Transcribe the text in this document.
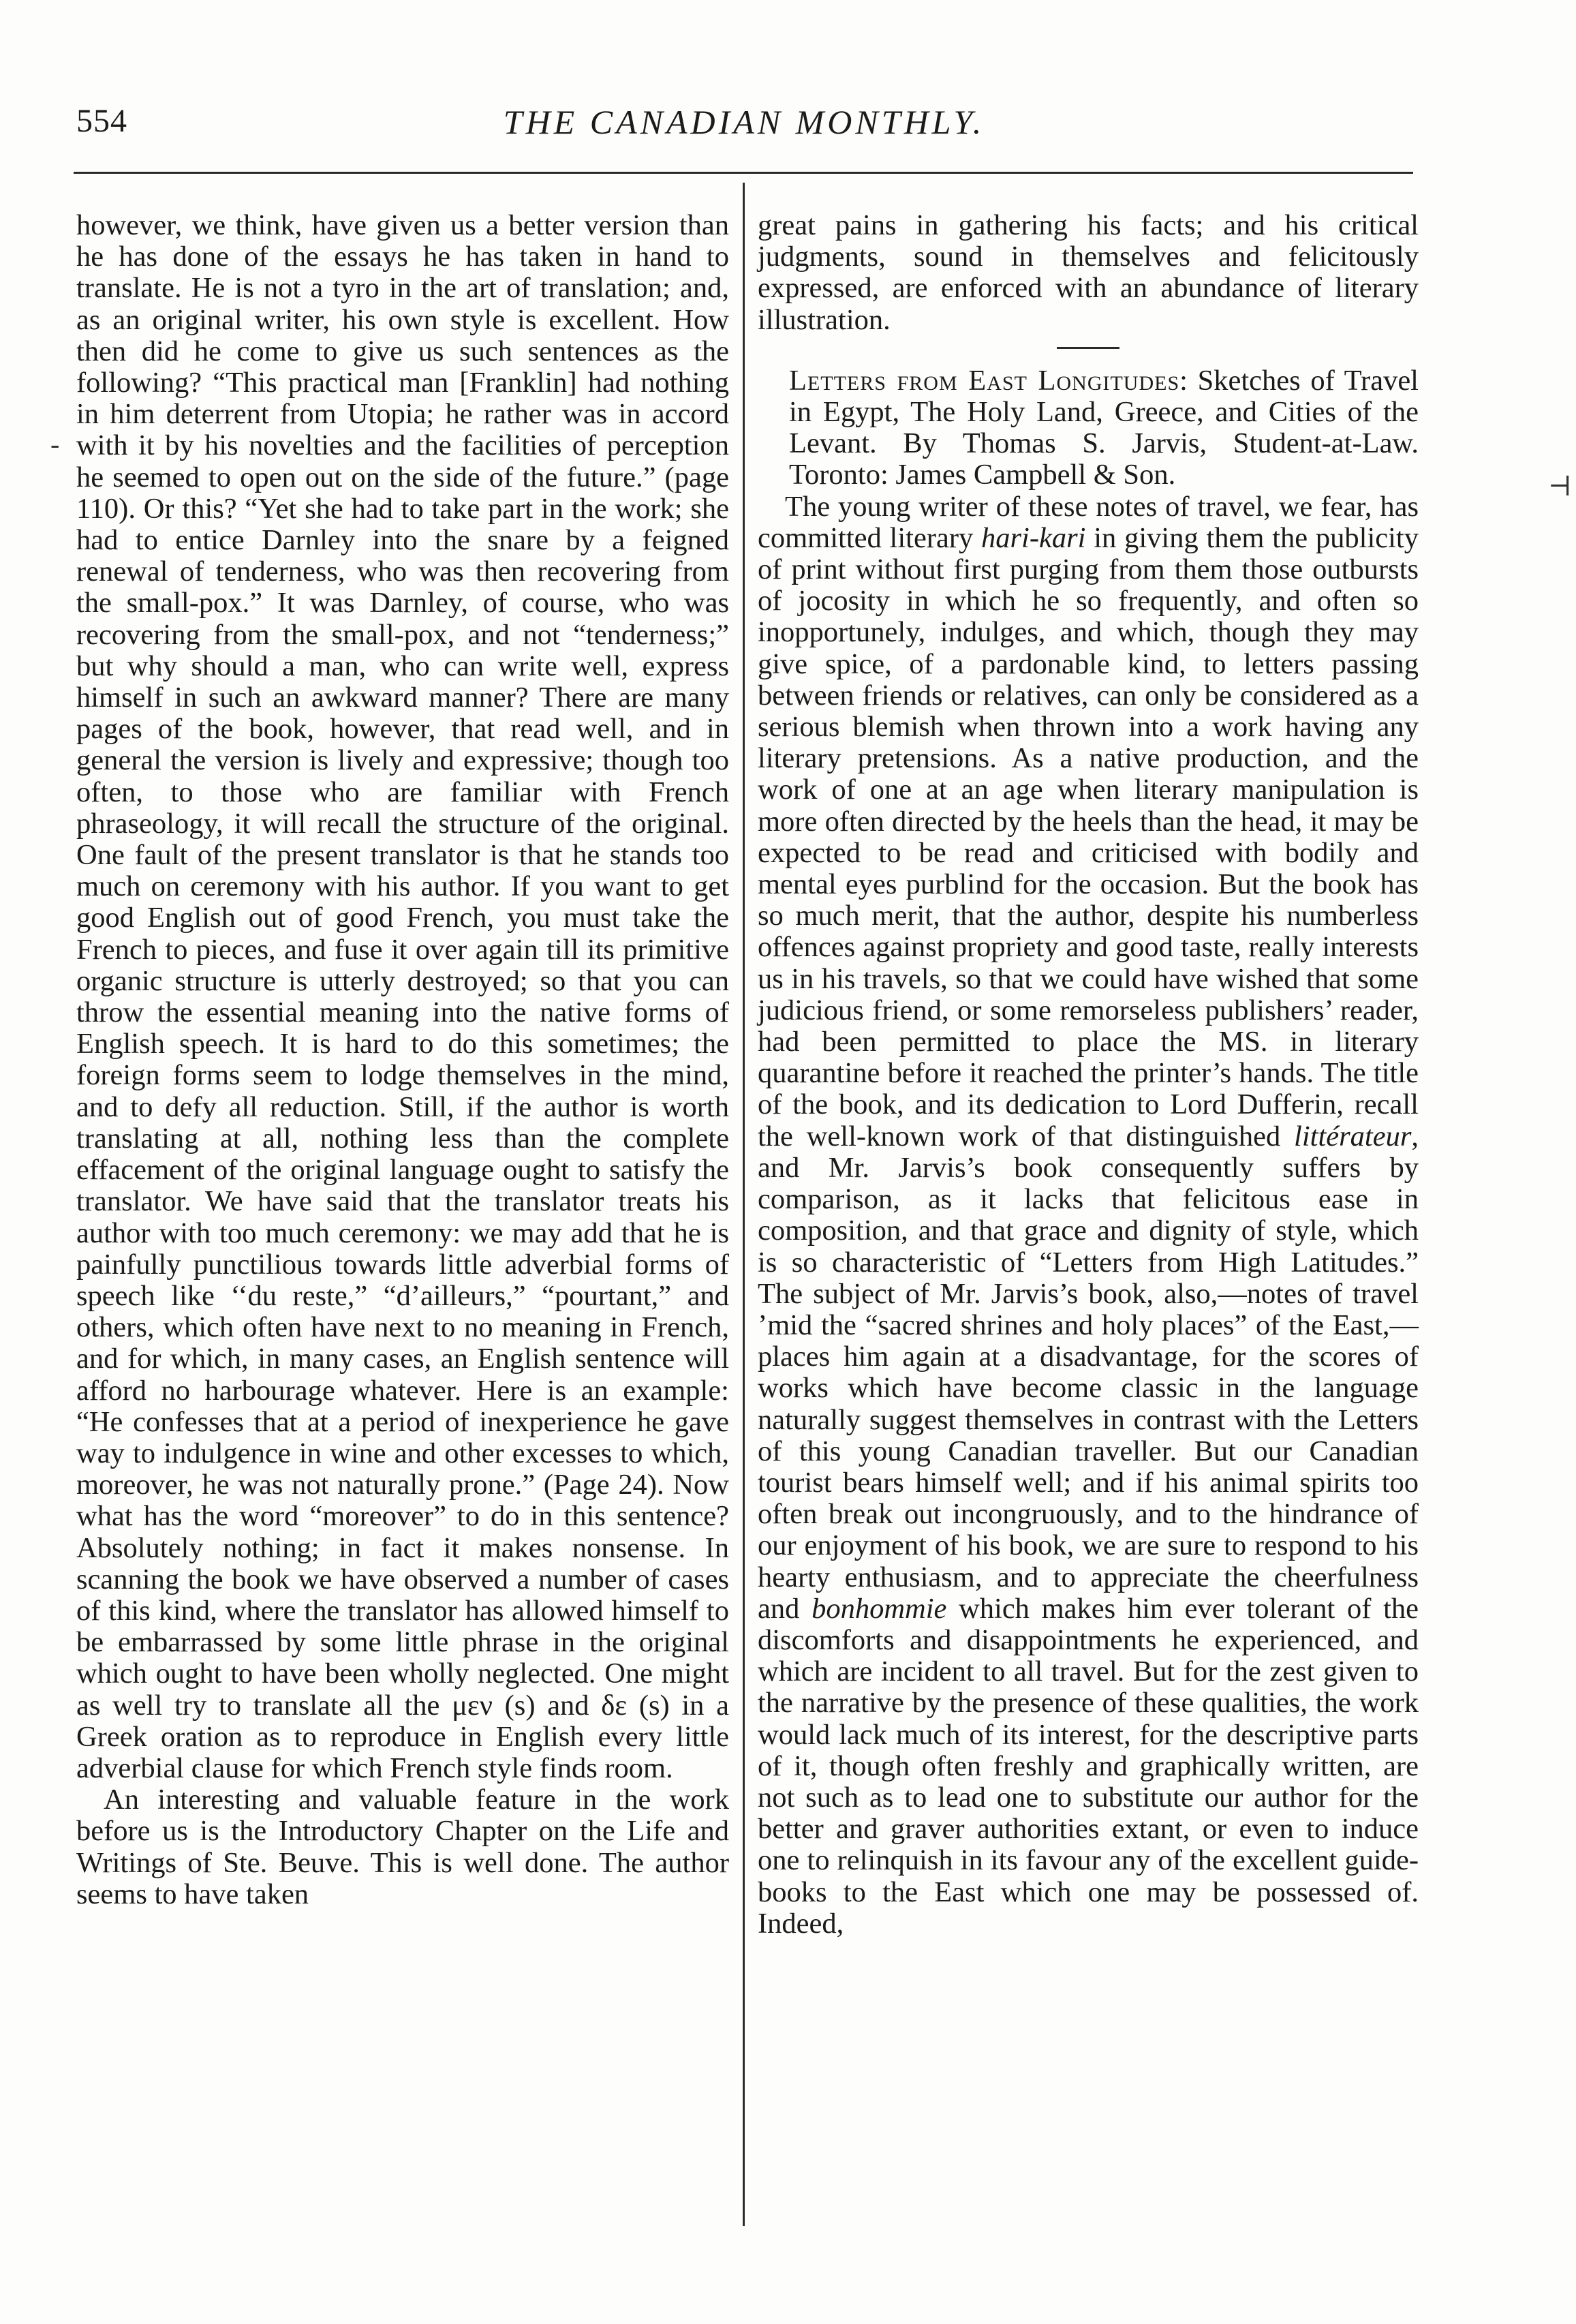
554	THE CANADIAN MONTHLY.

however, we think, have given us a better version than he has done of the essays he has taken in hand to translate. He is not a tyro in the art of translation; and, as an original writer, his own style is excellent. How then did he come to give us such sentences as the following? “This practical man [Franklin] had nothing in him deterrent from Utopia; he rather was in accord with it by his novelties and the facilities of perception he seemed to open out on the side of the future.” (page 110). Or this? “Yet she had to take part in the work; she had to entice Darnley into the snare by a feigned renewal of tenderness, who was then recovering from the small-pox.” It was Darnley, of course, who was recovering from the small-pox, and not “tenderness;” but why should a man, who can write well, express himself in such an awkward manner? There are many pages of the book, however, that read well, and in general the version is lively and expressive; though too often, to those who are familiar with French phraseology, it will recall the structure of the original. One fault of the present translator is that he stands too much on ceremony with his author. If you want to get good English out of good French, you must take the French to pieces, and fuse it over again till its primitive organic structure is utterly destroyed; so that you can throw the essential meaning into the native forms of English speech. It is hard to do this sometimes; the foreign forms seem to lodge themselves in the mind, and to defy all reduction. Still, if the author is worth translating at all, nothing less than the complete effacement of the original language ought to satisfy the translator. We have said that the translator treats his author with too much ceremony: we may add that he is painfully punctilious towards little adverbial forms of speech like ‘‘du reste,” “d’ailleurs,” “pourtant,” and others, which often have next to no meaning in French, and for which, in many cases, an English sentence will afford no harbourage whatever. Here is an example: “He confesses that at a period of inexperience he gave way to indulgence in wine and other excesses to which, moreover, he was not naturally prone.” (Page 24). Now what has the word “moreover” to do in this sentence? Absolutely nothing; in fact it makes nonsense. In scanning the book we have observed a number of cases of this kind, where the translator has allowed himself to be embarrassed by some little phrase in the original which ought to have been wholly neglected. One might as well try to translate all the μεν (s) and δε (s) in a Greek oration as to reproduce in English every little adverbial clause for which French style finds room.

An interesting and valuable feature in the work before us is the Introductory Chapter on the Life and Writings of Ste. Beuve. This is well done. The author seems to have taken

great pains in gathering his facts; and his critical judgments, sound in themselves and felicitously expressed, are enforced with an abundance of literary illustration.

Letters from East Longitudes: Sketches of Travel in Egypt, The Holy Land, Greece, and Cities of the Levant. By Thomas S. Jarvis, Student-at-Law. Toronto: James Campbell & Son.

The young writer of these notes of travel, we fear, has committed literary hari-kari in giving them the publicity of print without first purging from them those outbursts of jocosity in which he so frequently, and often so inopportunely, indulges, and which, though they may give spice, of a pardonable kind, to letters passing between friends or relatives, can only be considered as a serious blemish when thrown into a work having any literary pretensions. As a native production, and the work of one at an age when literary manipulation is more often directed by the heels than the head, it may be expected to be read and criticised with bodily and mental eyes purblind for the occasion. But the book has so much merit, that the author, despite his numberless offences against propriety and good taste, really interests us in his travels, so that we could have wished that some judicious friend, or some remorseless publishers’ reader, had been permitted to place the MS. in literary quarantine before it reached the printer’s hands. The title of the book, and its dedication to Lord Dufferin, recall the well-known work of that distinguished littérateur, and Mr. Jarvis’s book consequently suffers by comparison, as it lacks that felicitous ease in composition, and that grace and dignity of style, which is so characteristic of “Letters from High Latitudes.” The subject of Mr. Jarvis’s book, also,—notes of travel ’mid the “sacred shrines and holy places” of the East,—places him again at a disadvantage, for the scores of works which have become classic in the language naturally suggest themselves in contrast with the Letters of this young Canadian traveller. But our Canadian tourist bears himself well; and if his animal spirits too often break out incongruously, and to the hindrance of our enjoyment of his book, we are sure to respond to his hearty enthusiasm, and to appreciate the cheerfulness and bonhommie which makes him ever tolerant of the discomforts and disappointments he experienced, and which are incident to all travel. But for the zest given to the narrative by the presence of these qualities, the work would lack much of its interest, for the descriptive parts of it, though often freshly and graphically written, are not such as to lead one to substitute our author for the better and graver authorities extant, or even to induce one to relinquish in its favour any of the excellent guide-books to the East which one may be possessed of. Indeed,

-
⊣
